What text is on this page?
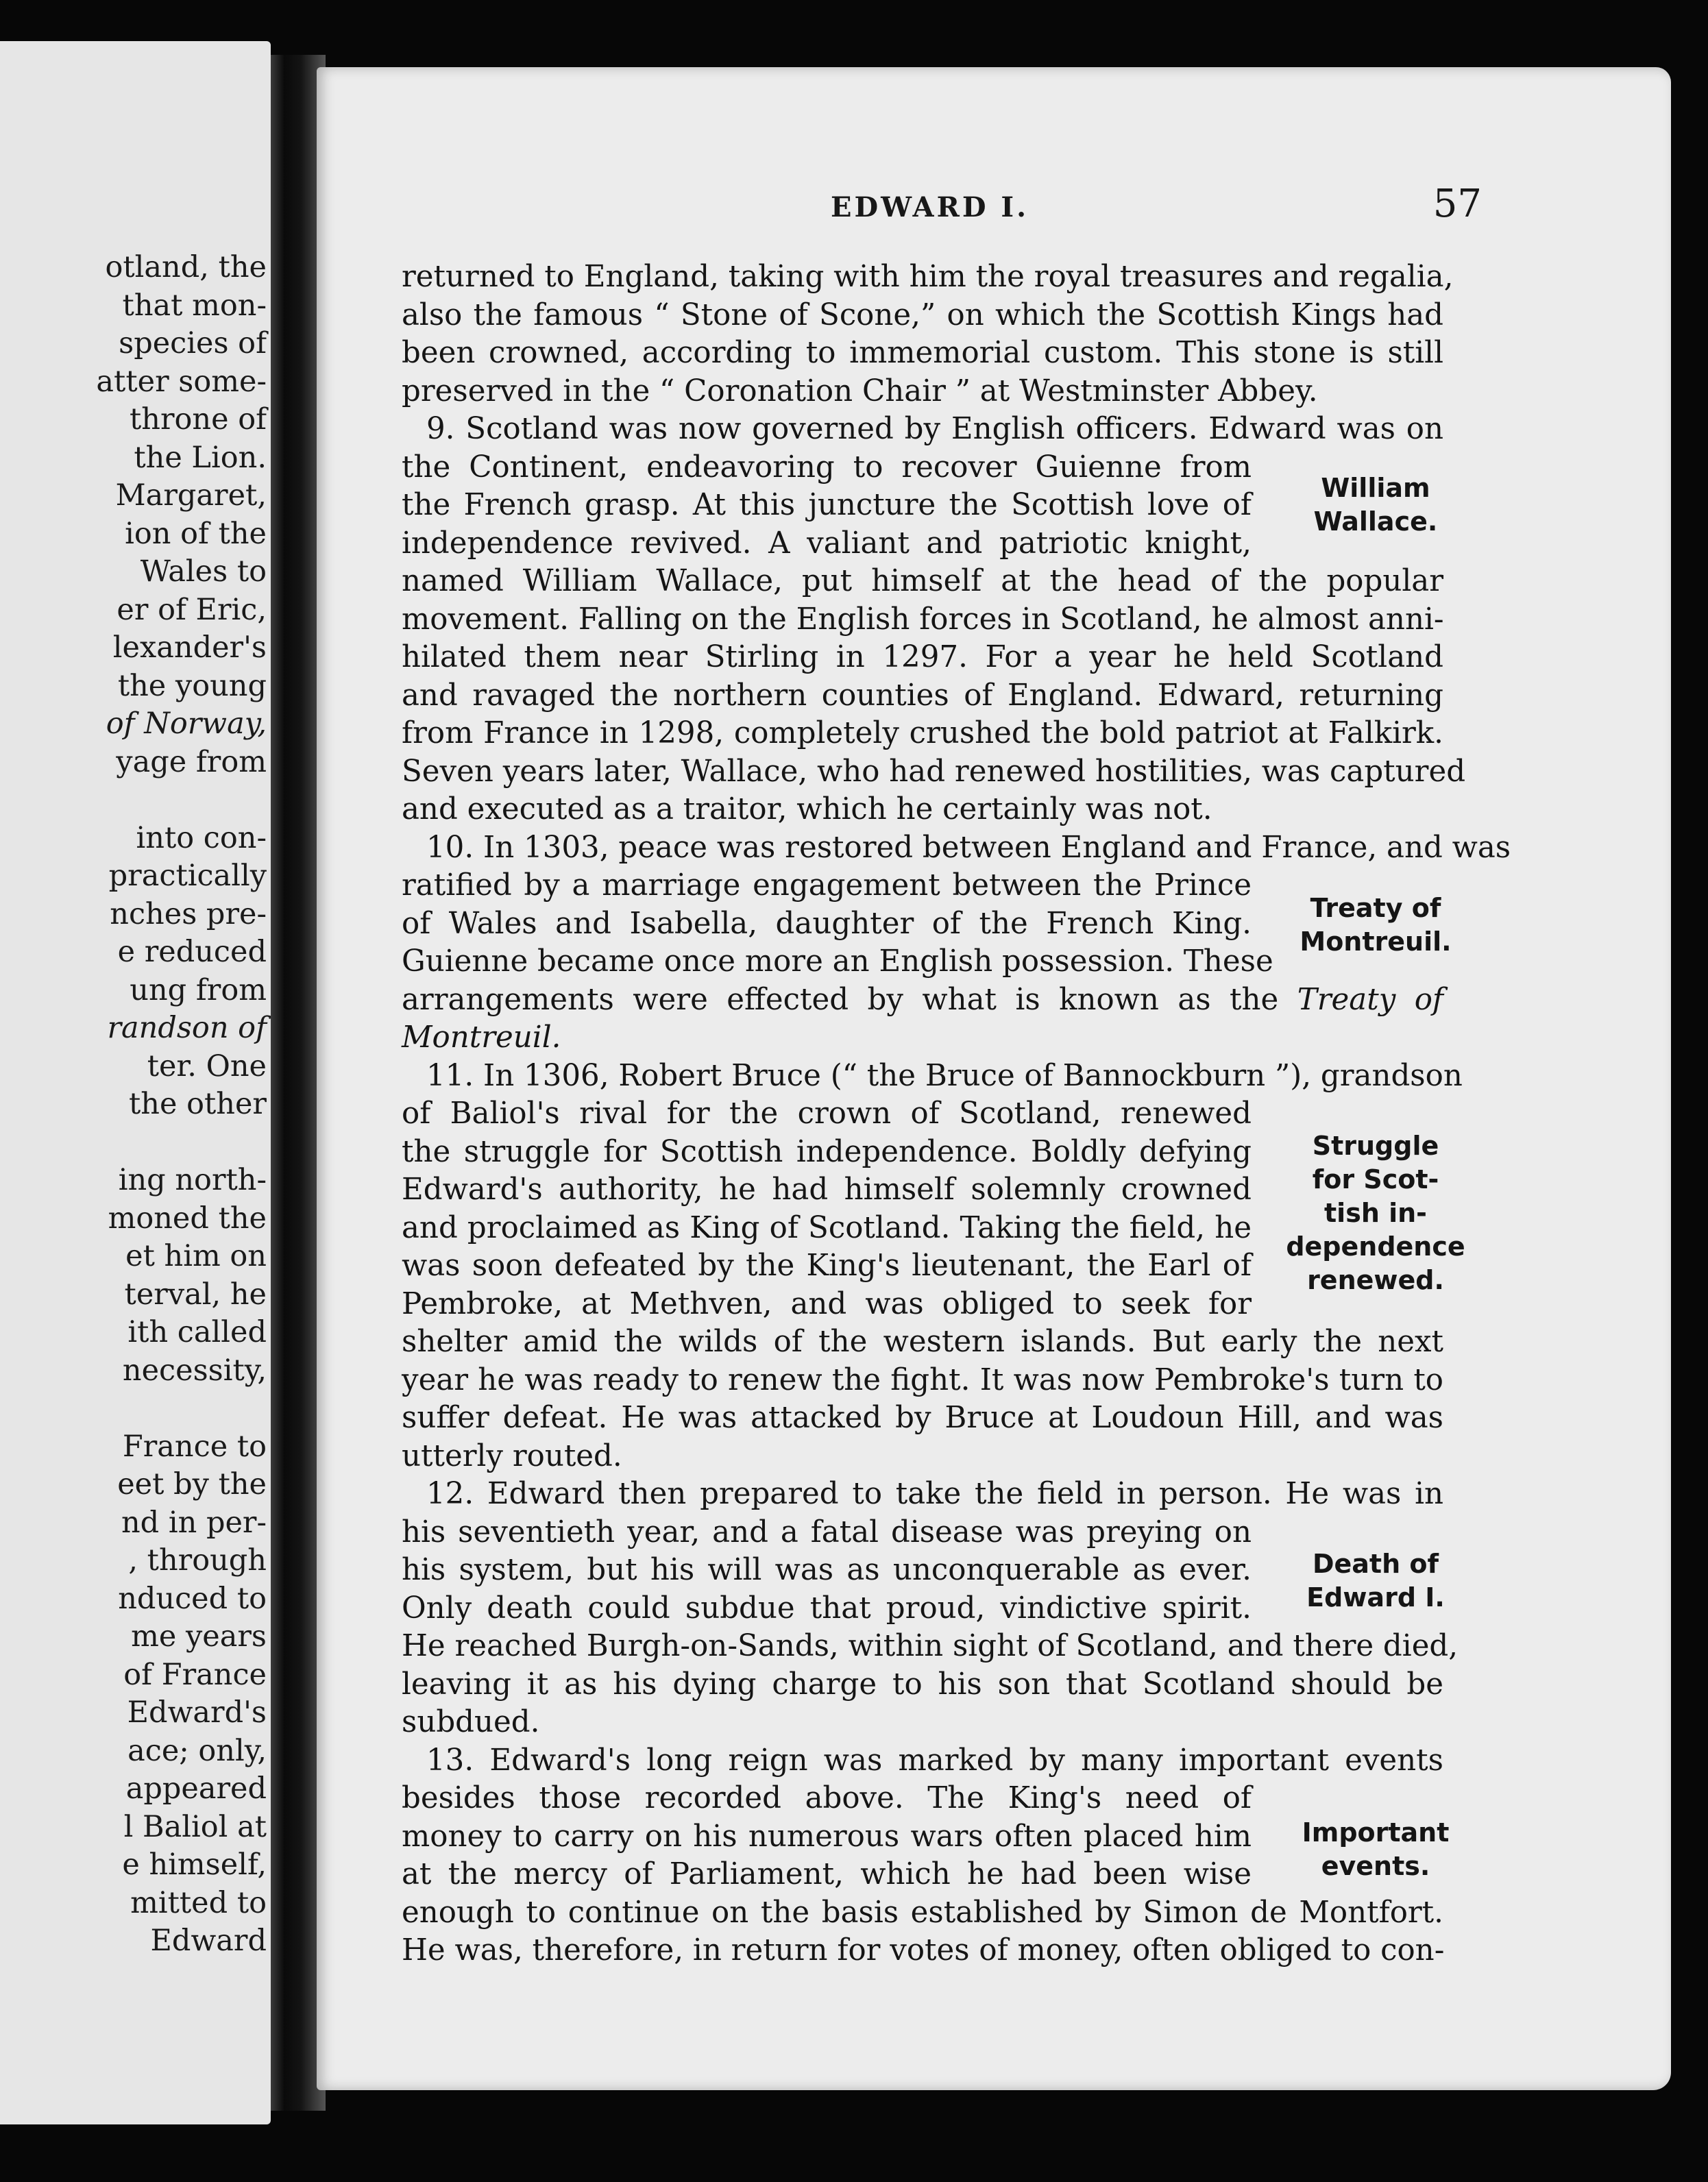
otland, the
that mon-
species of
atter some-
throne of
the Lion.
Margaret,
ion of the
Wales to
er of Eric,
lexander's
the young
of Norway,
yage from
into con-
practically
nches pre-
e reduced
ung from
randson of
ter. One
the other
ing north-
moned the
et him on
terval, he
ith called
necessity,
France to
eet by the
nd in per-
, through
nduced to
me years
of France
Edward's
ace; only,
appeared
l Baliol at
e himself,
mitted to
Edward
EDWARD I.	57
returned to England, taking with him the royal treasures and regalia,
also the famous “ Stone of Scone,” on which the Scottish Kings had
been crowned, according to immemorial custom. This stone is still
preserved in the “ Coronation Chair ” at Westminster Abbey.
9. Scotland was now governed by English officers. Edward was on
the Continent, endeavoring to recover Guienne from
the French grasp. At this juncture the Scottish love of
independence revived. A valiant and patriotic knight,
named William Wallace, put himself at the head of the popular
movement. Falling on the English forces in Scotland, he almost anni-
hilated them near Stirling in 1297. For a year he held Scotland
and ravaged the northern counties of England. Edward, returning
from France in 1298, completely crushed the bold patriot at Falkirk.
Seven years later, Wallace, who had renewed hostilities, was captured
and executed as a traitor, which he certainly was not.
10. In 1303, peace was restored between England and France, and was
ratified by a marriage engagement between the Prince
of Wales and Isabella, daughter of the French King.
Guienne became once more an English possession. These
arrangements were effected by what is known as the Treaty of
Montreuil.
11. In 1306, Robert Bruce (“ the Bruce of Bannockburn ”), grandson
of Baliol's rival for the crown of Scotland, renewed
the struggle for Scottish independence. Boldly defying
Edward's authority, he had himself solemnly crowned
and proclaimed as King of Scotland. Taking the field, he
was soon defeated by the King's lieutenant, the Earl of
Pembroke, at Methven, and was obliged to seek for
shelter amid the wilds of the western islands. But early the next
year he was ready to renew the fight. It was now Pembroke's turn to
suffer defeat. He was attacked by Bruce at Loudoun Hill, and was
utterly routed.
12. Edward then prepared to take the field in person. He was in
his seventieth year, and a fatal disease was preying on
his system, but his will was as unconquerable as ever.
Only death could subdue that proud, vindictive spirit.
He reached Burgh-on-Sands, within sight of Scotland, and there died,
leaving it as his dying charge to his son that Scotland should be
subdued.
13. Edward's long reign was marked by many important events
besides those recorded above. The King's need of
money to carry on his numerous wars often placed him
at the mercy of Parliament, which he had been wise
enough to continue on the basis established by Simon de Montfort.
He was, therefore, in return for votes of money, often obliged to con-
William
Wallace.
Treaty of
Montreuil.
Struggle
for Scot-
tish in-
dependence
renewed.
Death of
Edward I.
Important
events.
